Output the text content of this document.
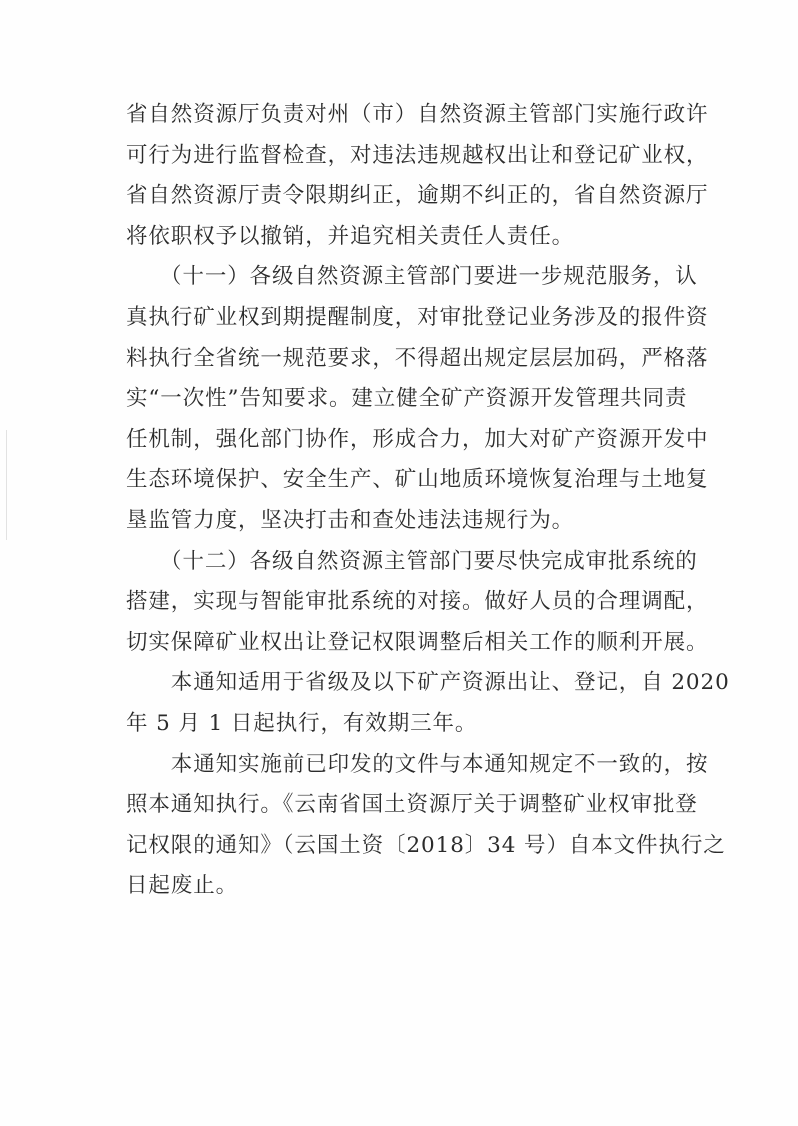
省自然资源厅负责对州（市）自然资源主管部门实施行政许
可行为进行监督检查，对违法违规越权出让和登记矿业权，
省自然资源厅责令限期纠正，逾期不纠正的，省自然资源厅
将依职权予以撤销，并追究相关责任人责任。
　　（十一）各级自然资源主管部门要进一步规范服务，认
真执行矿业权到期提醒制度，对审批登记业务涉及的报件资
料执行全省统一规范要求，不得超出规定层层加码，严格落
实“一次性”告知要求。建立健全矿产资源开发管理共同责
任机制，强化部门协作，形成合力，加大对矿产资源开发中
生态环境保护、安全生产、矿山地质环境恢复治理与土地复
垦监管力度，坚决打击和查处违法违规行为。
　　（十二）各级自然资源主管部门要尽快完成审批系统的
搭建，实现与智能审批系统的对接。做好人员的合理调配，
切实保障矿业权出让登记权限调整后相关工作的顺利开展。
　　本通知适用于省级及以下矿产资源出让、登记，自 2020
年 5 月 1 日起执行，有效期三年。
　　本通知实施前已印发的文件与本通知规定不一致的，按
照本通知执行。《云南省国土资源厅关于调整矿业权审批登
记权限的通知》（云国土资〔2018〕34 号）自本文件执行之
日起废止。
